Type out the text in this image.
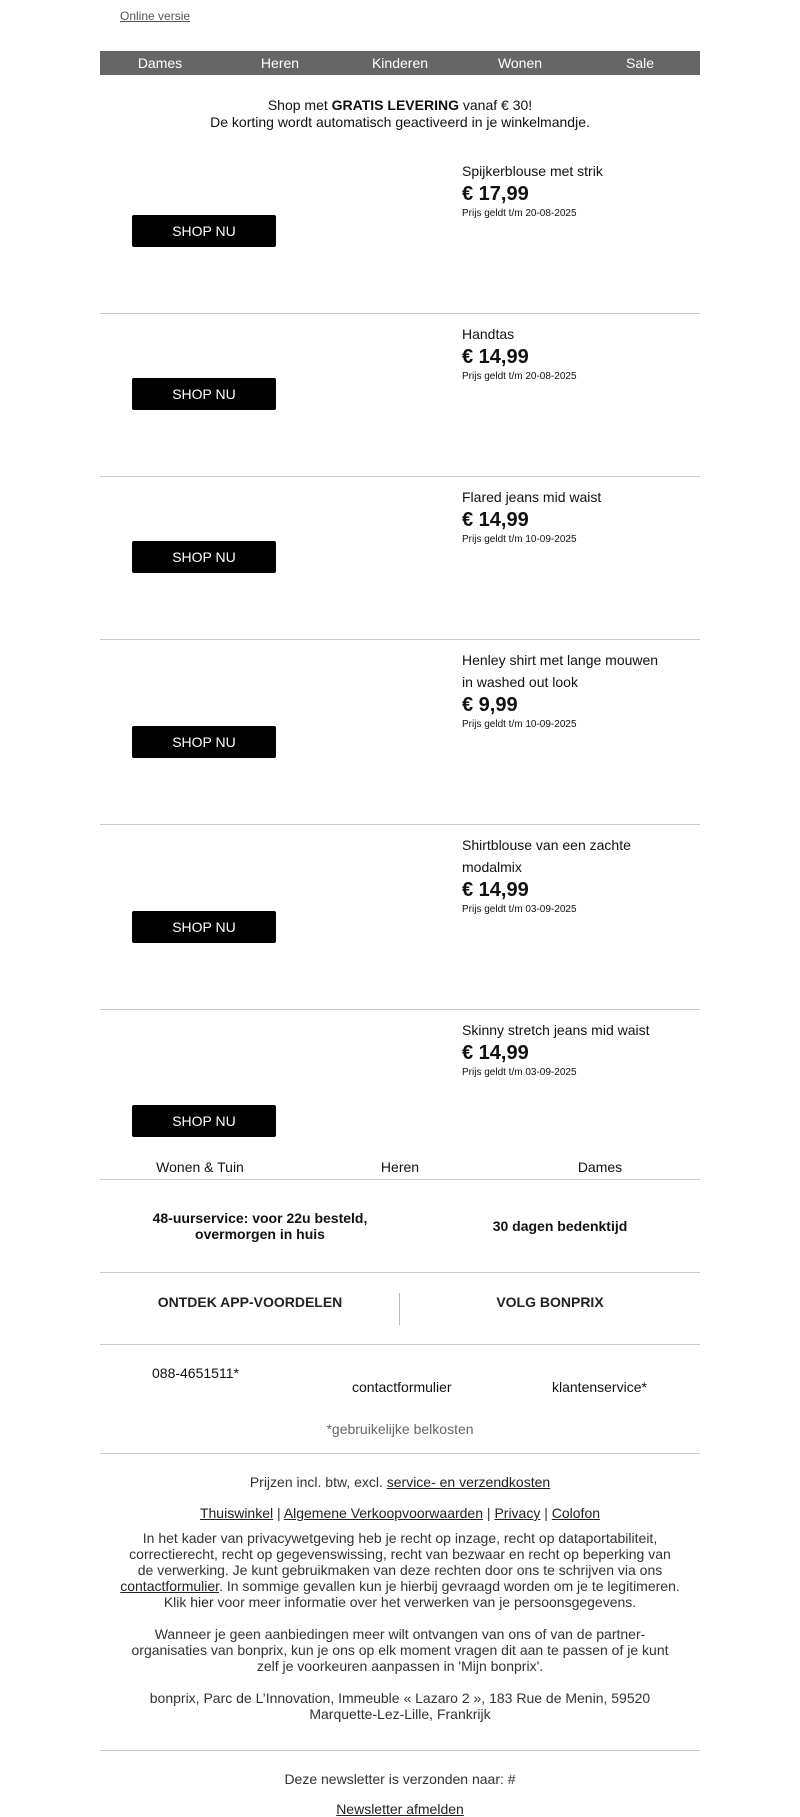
Online versie
Dames	Heren	Kinderen	Wonen	Sale
Shop met GRATIS LEVERING vanaf € 30!
De korting wordt automatisch geactiveerd in je winkelmandje.
Spijkerblouse met strik
€ 17,99
Prijs geldt t/m 20-08-2025
SHOP NU
Handtas
€ 14,99
Prijs geldt t/m 20-08-2025
SHOP NU
Flared jeans mid waist
€ 14,99
Prijs geldt t/m 10-09-2025
SHOP NU
Henley shirt met lange mouwen in washed out look
€ 9,99
Prijs geldt t/m 10-09-2025
SHOP NU
Shirtblouse van een zachte modalmix
€ 14,99
Prijs geldt t/m 03-09-2025
SHOP NU
Skinny stretch jeans mid waist
€ 14,99
Prijs geldt t/m 03-09-2025
SHOP NU
Wonen & Tuin	Heren	Dames
48-uurservice: voor 22u besteld, overmorgen in huis	30 dagen bedenktijd
ONTDEK APP-VOORDELEN	VOLG BONPRIX
088-4651511*
contactformulier	klantenservice*
*gebruikelijke belkosten

Prijzen incl. btw, excl. service- en verzendkosten

Thuiswinkel | Algemene Verkoopvoorwaarden | Privacy | Colofon

In het kader van privacywetgeving heb je recht op inzage, recht op dataportabiliteit, correctierecht, recht op gegevenswissing, recht van bezwaar en recht op beperking van de verwerking. Je kunt gebruikmaken van deze rechten door ons te schrijven via ons contactformulier. In sommige gevallen kun je hierbij gevraagd worden om je te legitimeren. Klik hier voor meer informatie over het verwerken van je persoonsgegevens.

Wanneer je geen aanbiedingen meer wilt ontvangen van ons of van de partner-organisaties van bonprix, kun je ons op elk moment vragen dit aan te passen of je kunt zelf je voorkeuren aanpassen in 'Mijn bonprix'.

bonprix, Parc de L’Innovation, Immeuble « Lazaro 2 », 183 Rue de Menin, 59520 Marquette-Lez-Lille, Frankrijk

Deze newsletter is verzonden naar: #
Newsletter afmelden
